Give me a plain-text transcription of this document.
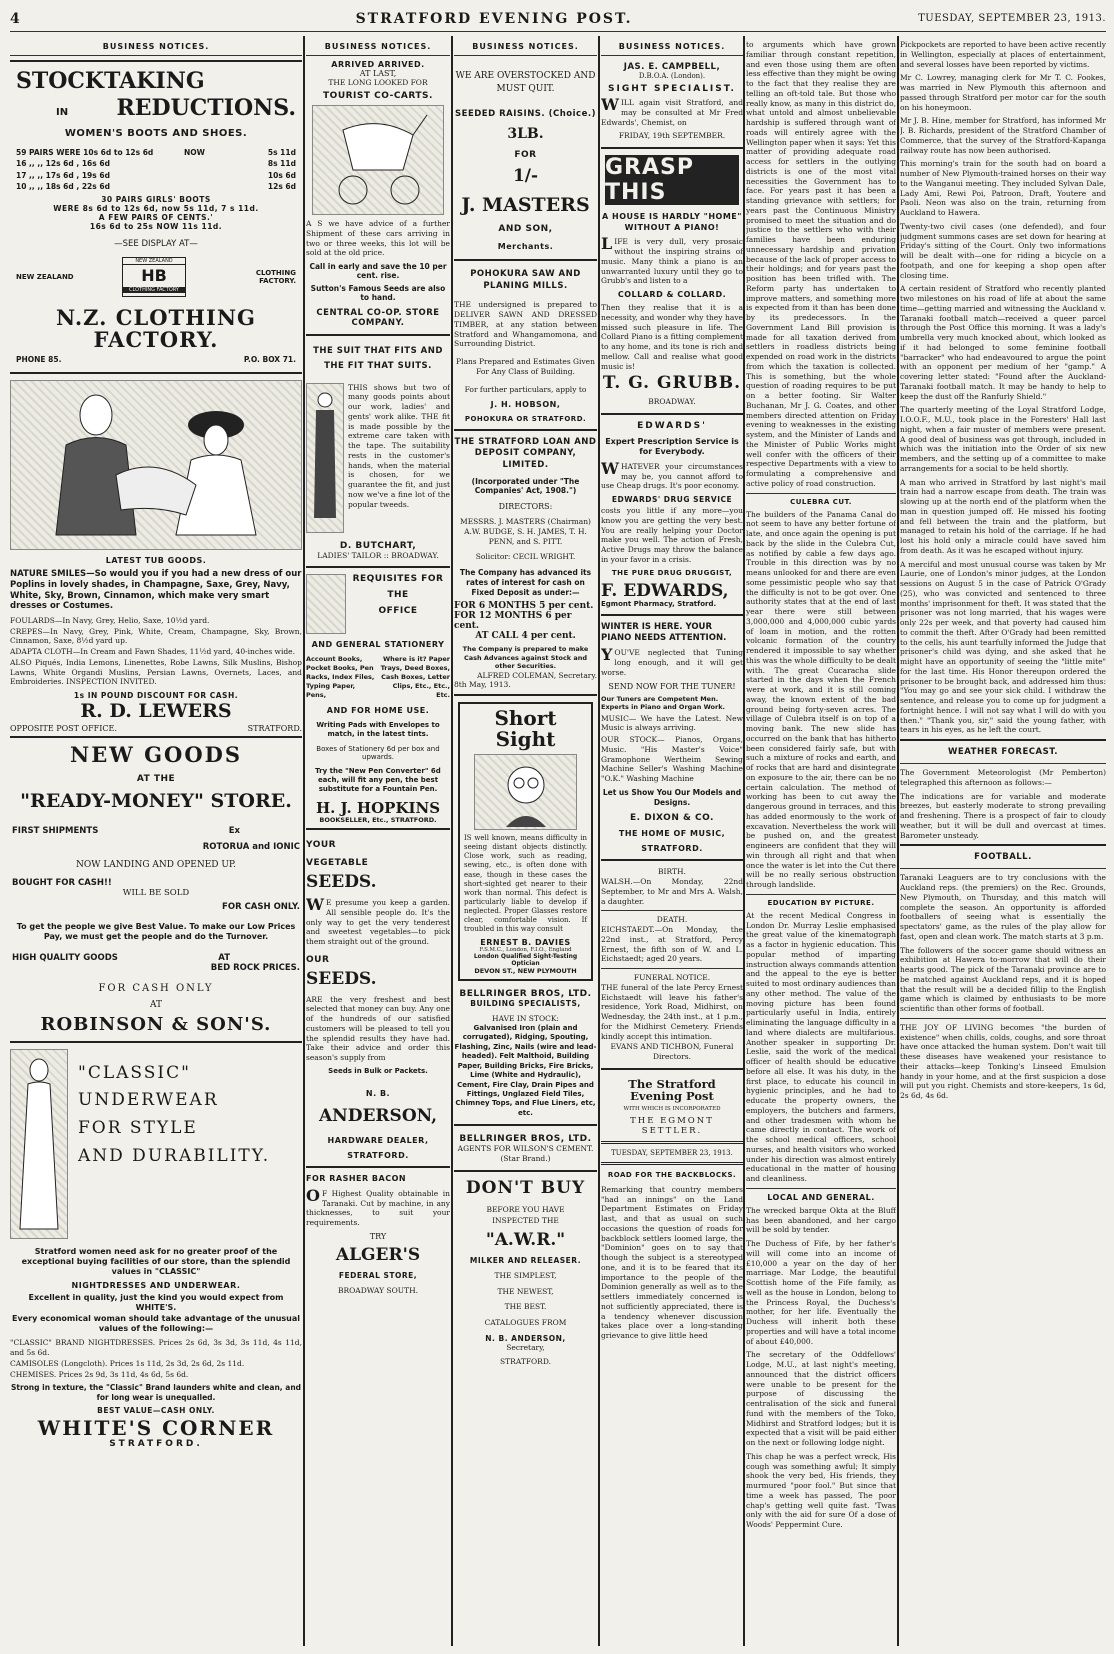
4	STRATFORD EVENING POST.	TUESDAY, SEPTEMBER 23, 1913.
BUSINESS NOTICES.
STOCKTAKING
IN REDUCTIONS.
WOMEN'S BOOTS AND SHOES.
59 PAIRS WERE 10s 6d to 12s 6d	NOW	5s 11d
16 ,, ,, 12s 6d , 16s 6d	8s 11d
17 ,, ,, 17s 6d , 19s 6d	10s 6d
10 ,, ,, 18s 6d , 22s 6d	12s 6d
30 PAIRS GIRLS' BOOTS
WERE 8s 6d to 12s 6d, now 5s 11d, 7 s 11d.
A FEW PAIRS OF CENTS.'
16s 6d to 25s NOW 11s 11d.
—SEE DISPLAY AT—
NEW ZEALAND
NEW ZEALAND
HB
CLOTHING FACTORY
CLOTHING FACTORY.
N.Z. CLOTHING FACTORY.
PHONE 85.	P.O. BOX 71.
LATEST TUB GOODS.
NATURE SMILES—So would you if you had a new dress of our Poplins in lovely shades, in Champagne, Saxe, Grey, Navy, White, Sky, Brown, Cinnamon, which make very smart dresses or Costumes.
FOULARDS—In Navy, Grey, Helio, Saxe, 10½d yard.
CREPES—In Navy, Grey, Pink, White, Cream, Champagne, Sky, Brown, Cinnamon, Saxe, 8½d yard up.
ADAPTA CLOTH—In Cream and Fawn Shades, 11½d yard, 40-inches wide.
ALSO Piqués, India Lemons, Linenettes, Robe Lawns, Silk Muslins, Bishop Lawns, White Organdi Muslins, Persian Lawns, Overnets, Laces, and Embroideries. INSPECTION INVITED.
1s IN POUND DISCOUNT FOR CASH.
R. D. LEWERS
OPPOSITE POST OFFICE.	STRATFORD.
NEW GOODS
AT THE
"READY-MONEY" STORE.
FIRST SHIPMENTS	Ex
ROTORUA and IONIC
NOW LANDING AND OPENED UP.
BOUGHT FOR CASH!!
WILL BE SOLD
FOR CASH ONLY.
To get the people we give Best Value. To make our Low Prices Pay, we must get the people and do the Turnover.
HIGH QUALITY GOODS	AT
BED ROCK PRICES.
FOR CASH ONLY
AT
ROBINSON & SON'S.
"CLASSIC"
UNDERWEAR
FOR STYLE
AND DURABILITY.
Stratford women need ask for no greater proof of the exceptional buying facilities of our store, than the splendid values in "CLASSIC"
NIGHTDRESSES AND UNDERWEAR.
Excellent in quality, just the kind you would expect from WHITE'S.
Every economical woman should take advantage of the unusual values of the following:—
"CLASSIC" BRAND NIGHTDRESSES. Prices 2s 6d, 3s 3d, 3s 11d, 4s 11d, and 5s 6d.
CAMISOLES (Longcloth). Prices 1s 11d, 2s 3d, 2s 6d, 2s 11d.
CHEMISES. Prices 2s 9d, 3s 11d, 4s 6d, 5s 6d.
Strong in texture, the "Classic" Brand launders white and clean, and for long wear is unequalled.
BEST VALUE—CASH ONLY.
WHITE'S CORNER
STRATFORD.
BUSINESS NOTICES.
ARRIVED ARRIVED.
AT LAST,
THE LONG LOOKED FOR
TOURIST CO-CARTS.
A S we have advice of a further Shipment of these cars arriving in two or three weeks, this lot will be sold at the old price.
Call in early and save the 10 per cent. rise.
Sutton's Famous Seeds are also to hand.
CENTRAL CO-OP. STORE COMPANY.
THE SUIT THAT FITS AND THE FIT THAT SUITS.
THIS shows but two of many goods points about our work, ladies' and gents' work alike. THE fit is made possible by the extreme care taken with the tape. The suitability rests in the customer's hands, when the material is chosen, for we guarantee the fit, and just now we've a fine lot of the popular tweeds.
D. BUTCHART,
LADIES' TAILOR :: BROADWAY.
REQUISITES FOR
THE
OFFICE
AND GENERAL STATIONERY
Account Books, Pocket Books, Pen Racks, Index Files, Typing Paper, Pens,
Where is it? Paper Trays, Deed Boxes, Cash Boxes, Letter Clips, Etc., Etc., Etc.
AND FOR HOME USE.
Writing Pads with Envelopes to match, in the latest tints.
Boxes of Stationery 6d per box and upwards.
Try the "New Pen Converter" 6d each, will fit any pen, the best substitute for a Fountain Pen.
H. J. HOPKINS
BOOKSELLER, Etc., STRATFORD.
YOUR
VEGETABLE
SEEDS.
WE presume you keep a garden. All sensible people do. It's the only way to get the very tenderest and sweetest vegetables—to pick them straight out of the ground.
OUR
SEEDS.
ARE the very freshest and best selected that money can buy. Any one of the hundreds of our satisfied customers will be pleased to tell you the splendid results they have had. Take their advice and order this season's supply from
Seeds in Bulk or Packets.
N. B.
ANDERSON,
HARDWARE DEALER,
STRATFORD.
FOR RASHER BACON
OF Highest Quality obtainable in Taranaki. Cut by machine, in any thicknesses, to suit your requirements.
TRY
ALGER'S
FEDERAL STORE,
BROADWAY SOUTH.
BUSINESS NOTICES.
WE ARE OVERSTOCKED AND MUST QUIT.
SEEDED RAISINS. (Choice.)
3LB.
FOR
1/-
J. MASTERS
AND SON,
Merchants.
POHOKURA SAW AND PLANING MILLS.
THE undersigned is prepared to DELIVER SAWN AND DRESSED TIMBER, at any station between Stratford and Whangamomona, and Surrounding District.
Plans Prepared and Estimates Given For Any Class of Building.
For further particulars, apply to
J. H. HOBSON,
POHOKURA OR STRATFORD.
THE STRATFORD LOAN AND DEPOSIT COMPANY, LIMITED.
(Incorporated under "The Companies' Act, 1908.")
DIRECTORS:
MESSRS. J. MASTERS (Chairman) A.W. BUDGE, S. H. JAMES, T. H. PENN, and S. PITT.
Solicitor: CECIL WRIGHT.
The Company has advanced its rates of interest for cash on Fixed Deposit as under:—
FOR 6 MONTHS 5 per cent.
FOR 12 MONTHS 6 per cent.
AT CALL 4 per cent.
The Company is prepared to make Cash Advances against Stock and other Securities.
ALFRED COLEMAN, Secretary.
8th May, 1913.
Short Sight
IS well known, means difficulty in seeing distant objects distinctly. Close work, such as reading, sewing, etc., is often done with ease, though in these cases the short-sighted get nearer to their work than normal. This defect is particularly liable to develop if neglected. Proper Glasses restore clear, comfortable vision. If troubled in this way consult
ERNEST B. DAVIES
F.S.M.C., London, F.I.O., England
London Qualified Sight-Testing Optician
DEVON ST., NEW PLYMOUTH
BELLRINGER BROS, LTD.
BUILDING SPECIALISTS,
HAVE IN STOCK:
Galvanised Iron (plain and corrugated), Ridging, Spouting, Flashing, Zinc, Nails (wire and lead-headed). Felt Malthoid, Building Paper, Building Bricks, Fire Bricks, Lime (White and Hydraulic), Cement, Fire Clay, Drain Pipes and Fittings, Unglazed Field Tiles, Chimney Tops, and Flue Liners, etc, etc.
BELLRINGER BROS, LTD.
AGENTS FOR WILSON'S CEMENT.
(Star Brand.)
DON'T BUY
BEFORE YOU HAVE INSPECTED THE
"A.W.R."
MILKER AND RELEASER.
THE SIMPLEST,
THE NEWEST,
THE BEST.
CATALOGUES FROM
N. B. ANDERSON,
Secretary,
STRATFORD.
BUSINESS NOTICES.
JAS. E. CAMPBELL,
D.B.O.A. (London).
SIGHT SPECIALIST.
WILL again visit Stratford, and may be consulted at Mr Fred Edwards', Chemist, on
FRIDAY, 19th SEPTEMBER.
GRASP THIS
A HOUSE IS HARDLY "HOME" WITHOUT A PIANO!
LIFE is very dull, very prosaic without the inspiring strains of music. Many think a piano is an unwarranted luxury until they go to Grubb's and listen to a
COLLARD & COLLARD.
Then they realise that it is a necessity, and wonder why they have missed such pleasure in life. The Collard Piano is a fitting complement to any home, and its tone is rich and mellow. Call and realise what good music is!
T. G. GRUBB.
BROADWAY.
EDWARDS'
Expert Prescription Service is for Everybody.
WHATEVER your circumstances may be, you cannot afford to use Cheap drugs. It's poor economy.
EDWARDS' DRUG SERVICE
costs you little if any more—you know you are getting the very best. You are really helping your Doctor make you well. The action of Fresh, Active Drugs may throw the balance in your favor in a crisis.
THE PURE DRUG DRUGGIST,
F. EDWARDS,
Egmont Pharmacy, Stratford.
WINTER IS HERE. YOUR PIANO NEEDS ATTENTION.
YOU'VE neglected that Tuning long enough, and it will get worse.
SEND NOW FOR THE TUNER!
Our Tuners are Competent Men. Experts in Piano and Organ Work.
MUSIC— We have the Latest. New Music is always arriving.
OUR STOCK— Pianos, Organs, Music. "His Master's Voice" Gramophone Wertheim Sewing Machine Seller's Washing Machine "O.K." Washing Machine
Let us Show You Our Models and Designs.
E. DIXON & CO.
THE HOME OF MUSIC,
STRATFORD.
BIRTH.
WALSH.—On Monday, 22nd September, to Mr and Mrs A. Walsh, a daughter.
DEATH.
EICHSTAEDT.—On Monday, the 22nd inst., at Stratford, Percy Ernest, the fifth son of W. and L. Eichstaedt; aged 20 years.
FUNERAL NOTICE.
THE funeral of the late Percy Ernest Eichstaedt will leave his father's residence, York Road, Midhirst, on Wednesday, the 24th inst., at 1 p.m., for the Midhirst Cemetery. Friends kindly accept this intimation.
EVANS AND TICHBON, Funeral Directors.
The Stratford Evening Post
WITH WHICH IS INCORPORATED
THE EGMONT SETTLER.
TUESDAY, SEPTEMBER 23, 1913.
ROAD FOR THE BACKBLOCKS.
Remarking that country members "had an innings" on the Land Department Estimates on Friday last, and that as usual on such occasions the question of roads for backblock settlers loomed large, the "Dominion" goes on to say that though the subject is a stereotyped one, and it is to be feared that its importance to the people of the Dominion generally as well as to the settlers immediately concerned is not sufficiently appreciated, there is a tendency whenever discussion takes place over a long-standing grievance to give little heed
to arguments which have grown familiar through constant repetition, and even those using them are often less effective than they might be owing to the fact that they realise they are telling an oft-told tale. But those who really know, as many in this district do, what untold and almost unbelievable hardship is suffered through want of roads will entirely agree with the Wellington paper when it says: Yet this matter of providing adequate road access for settlers in the outlying districts is one of the most vital necessities the Government has to face. For years past it has been a standing grievance with settlers; for years past the Continuous Ministry promised to meet the situation and do justice to the settlers who with their families have been enduring unnecessary hardship and privation because of the lack of proper access to their holdings; and for years past the position has been trifled with. The Reform party has undertaken to improve matters, and something more is expected from it than has been done by its predecessors. In the Government Land Bill provision is made for all taxation derived from settlers in roadless districts being expended on road work in the districts from which the taxation is collected. This is something, but the whole question of roading requires to be put on a better footing. Sir Walter Buchanan, Mr J. G. Coates, and other members directed attention on Friday evening to weaknesses in the existing system, and the Minister of Lands and the Minister of Public Works might well confer with the officers of their respective Departments with a view to formulating a comprehensive and active policy of road construction.
CULEBRA CUT.
The builders of the Panama Canal do not seem to have any better fortune of late, and once again the opening is put back by the slide in the Culebra Cut, as notified by cable a few days ago. Trouble in this direction was by no means unlooked for and there are even some pessimistic people who say that the difficulty is not to be got over. One authority states that at the end of last year there were still between 3,000,000 and 4,000,000 cubic yards of loam in motion, and the rotten volcanic formation of the country rendered it impossible to say whether this was the whole difficulty to be dealt with. The great Cucaracha slide started in the days when the French were at work, and it is still coming away, the known extent of the bad ground being forty-seven acres. The village of Culebra itself is on top of a moving bank. The new slide has occurred on the bank that has hitherto been considered fairly safe, but with such a mixture of rocks and earth, and of rocks that are hard and disintegrate on exposure to the air, there can be no certain calculation. The method of working has been to cut away the dangerous ground in terraces, and this has added enormously to the work of excavation. Nevertheless the work will be pushed on, and the greatest engineers are confident that they will win through all right and that when once the water is let into the Cut there will be no really serious obstruction through landslide.
EDUCATION BY PICTURE.
At the recent Medical Congress in London Dr. Murray Leslie emphasised the great value of the kinematograph as a factor in hygienic education. This popular method of imparting instruction always commands attention and the appeal to the eye is better suited to most ordinary audiences than any other method. The value of the moving picture has been found particularly useful in India, entirely eliminating the language difficulty in a land where dialects are multifarious. Another speaker in supporting Dr. Leslie, said the work of the medical officer of health should be educative before all else. It was his duty, in the first place, to educate his council in hygienic principles, and he had to educate the property owners, the employers, the butchers and farmers, and other tradesmen with whom he came directly in contact. The work of the school medical officers, school nurses, and health visitors who worked under his direction was almost entirely educational in the matter of housing and cleanliness.
LOCAL AND GENERAL.
The wrecked barque Okta at the Bluff has been abandoned, and her cargo will be sold by tender.
The Duchess of Fife, by her father's will will come into an income of £10,000 a year on the day of her marriage. Mar Lodge, the beautiful Scottish home of the Fife family, as well as the house in London, belong to the Princess Royal, the Duchess's mother, for her life. Eventually the Duchess will inherit both these properties and will have a total income of about £40,000.
The secretary of the Oddfellows' Lodge, M.U., at last night's meeting, announced that the district officers were unable to be present for the purpose of discussing the centralisation of the sick and funeral fund with the members of the Toko, Midhirst and Stratford lodges; but it is expected that a visit will be paid either on the next or following lodge night.
This chap he was a perfect wreck, His cough was something awful; It simply shook the very bed, His friends, they murmured "poor fool." But since that time a week has passed, The poor chap's getting well quite fast. 'Twas only with the aid for sure Of a dose of Woods' Peppermint Cure.
Pickpockets are reported to have been active recently in Wellington, especially at places of entertainment, and several losses have been reported by victims.
Mr C. Lowrey, managing clerk for Mr T. C. Fookes, was married in New Plymouth this afternoon and passed through Stratford per motor car for the south on his honeymoon.
Mr J. B. Hine, member for Stratford, has informed Mr J. B. Richards, president of the Stratford Chamber of Commerce, that the survey of the Stratford-Kapanga railway route has now been authorised.
This morning's train for the south had on board a number of New Plymouth-trained horses on their way to the Wanganui meeting. They included Sylvan Dale, Lady Ami, Rewi Poi, Patroon, Draft, Youtere and Paoli. Neon was also on the train, returning from Auckland to Hawera.
Twenty-two civil cases (one defended), and four judgment summons cases are set down for hearing at Friday's sitting of the Court. Only two informations will be dealt with—one for riding a bicycle on a footpath, and one for keeping a shop open after closing time.
A certain resident of Stratford who recently planted two milestones on his road of life at about the same time—getting married and witnessing the Auckland v. Taranaki football match—received a queer parcel through the Post Office this morning. It was a lady's umbrella very much knocked about, which looked as if it had belonged to some feminine football "barracker" who had endeavoured to argue the point with an opponent per medium of her "gamp." A covering letter stated: "Found after the Auckland-Taranaki football match. It may be handy to help to keep the dust off the Ranfurly Shield."
The quarterly meeting of the Loyal Stratford Lodge, I.O.O.F., M.U., took place in the Foresters' Hall last night, when a fair muster of members were present. A good deal of business was got through, included in which was the initiation into the Order of six new members, and the setting up of a committee to make arrangements for a social to be held shortly.
A man who arrived in Stratford by last night's mail train had a narrow escape from death. The train was slowing up at the north end of the platform when the man in question jumped off. He missed his footing and fell between the train and the platform, but managed to retain his hold of the carriage. If he had lost his hold only a miracle could have saved him from death. As it was he escaped without injury.
A merciful and most unusual course was taken by Mr Laurie, one of London's minor judges, at the London sessions on August 5 in the case of Patrick O'Grady (25), who was convicted and sentenced to three months' imprisonment for theft. It was stated that the prisoner was not long married, that his wages were only 22s per week, and that poverty had caused him to commit the theft. After O'Grady had been remitted to the cells, his aunt tearfully informed the Judge that prisoner's child was dying, and she asked that he might have an opportunity of seeing the "little mite" for the last time. His Honor thereupon ordered the prisoner to be brought back, and addressed him thus: "You may go and see your sick child. I withdraw the sentence, and release you to come up for judgment a fortnight hence. I will not say what I will do with you then." "Thank you, sir," said the young father, with tears in his eyes, as he left the court.
WEATHER FORECAST.
The Government Meteorologist (Mr Pemberton) telegraphed this afternoon as follows:—
The indications are for variable and moderate breezes, but easterly moderate to strong prevailing and freshening. There is a prospect of fair to cloudy weather, but it will be dull and overcast at times. Barometer unsteady.
FOOTBALL.
Taranaki Leaguers are to try conclusions with the Auckland reps. (the premiers) on the Rec. Grounds, New Plymouth, on Thursday, and this match will complete the season. An opportunity is afforded footballers of seeing what is essentially the spectators' game, as the rules of the play allow for fast, open and clean work. The match starts at 3 p.m.
The followers of the soccer game should witness an exhibition at Hawera to-morrow that will do their hearts good. The pick of the Taranaki province are to be matched against Auckland reps, and it is hoped that the result will be a decided fillip to the English game which is claimed by enthusiasts to be more scientific than other forms of football.
THE JOY OF LIVING becomes "the burden of existence" when chills, colds, coughs, and sore throat have once attacked the human system. Don't wait till these diseases have weakened your resistance to their attacks—keep Tonking's Linseed Emulsion handy in your home, and at the first suspicion a dose will put you right. Chemists and store-keepers, 1s 6d, 2s 6d, 4s 6d.
